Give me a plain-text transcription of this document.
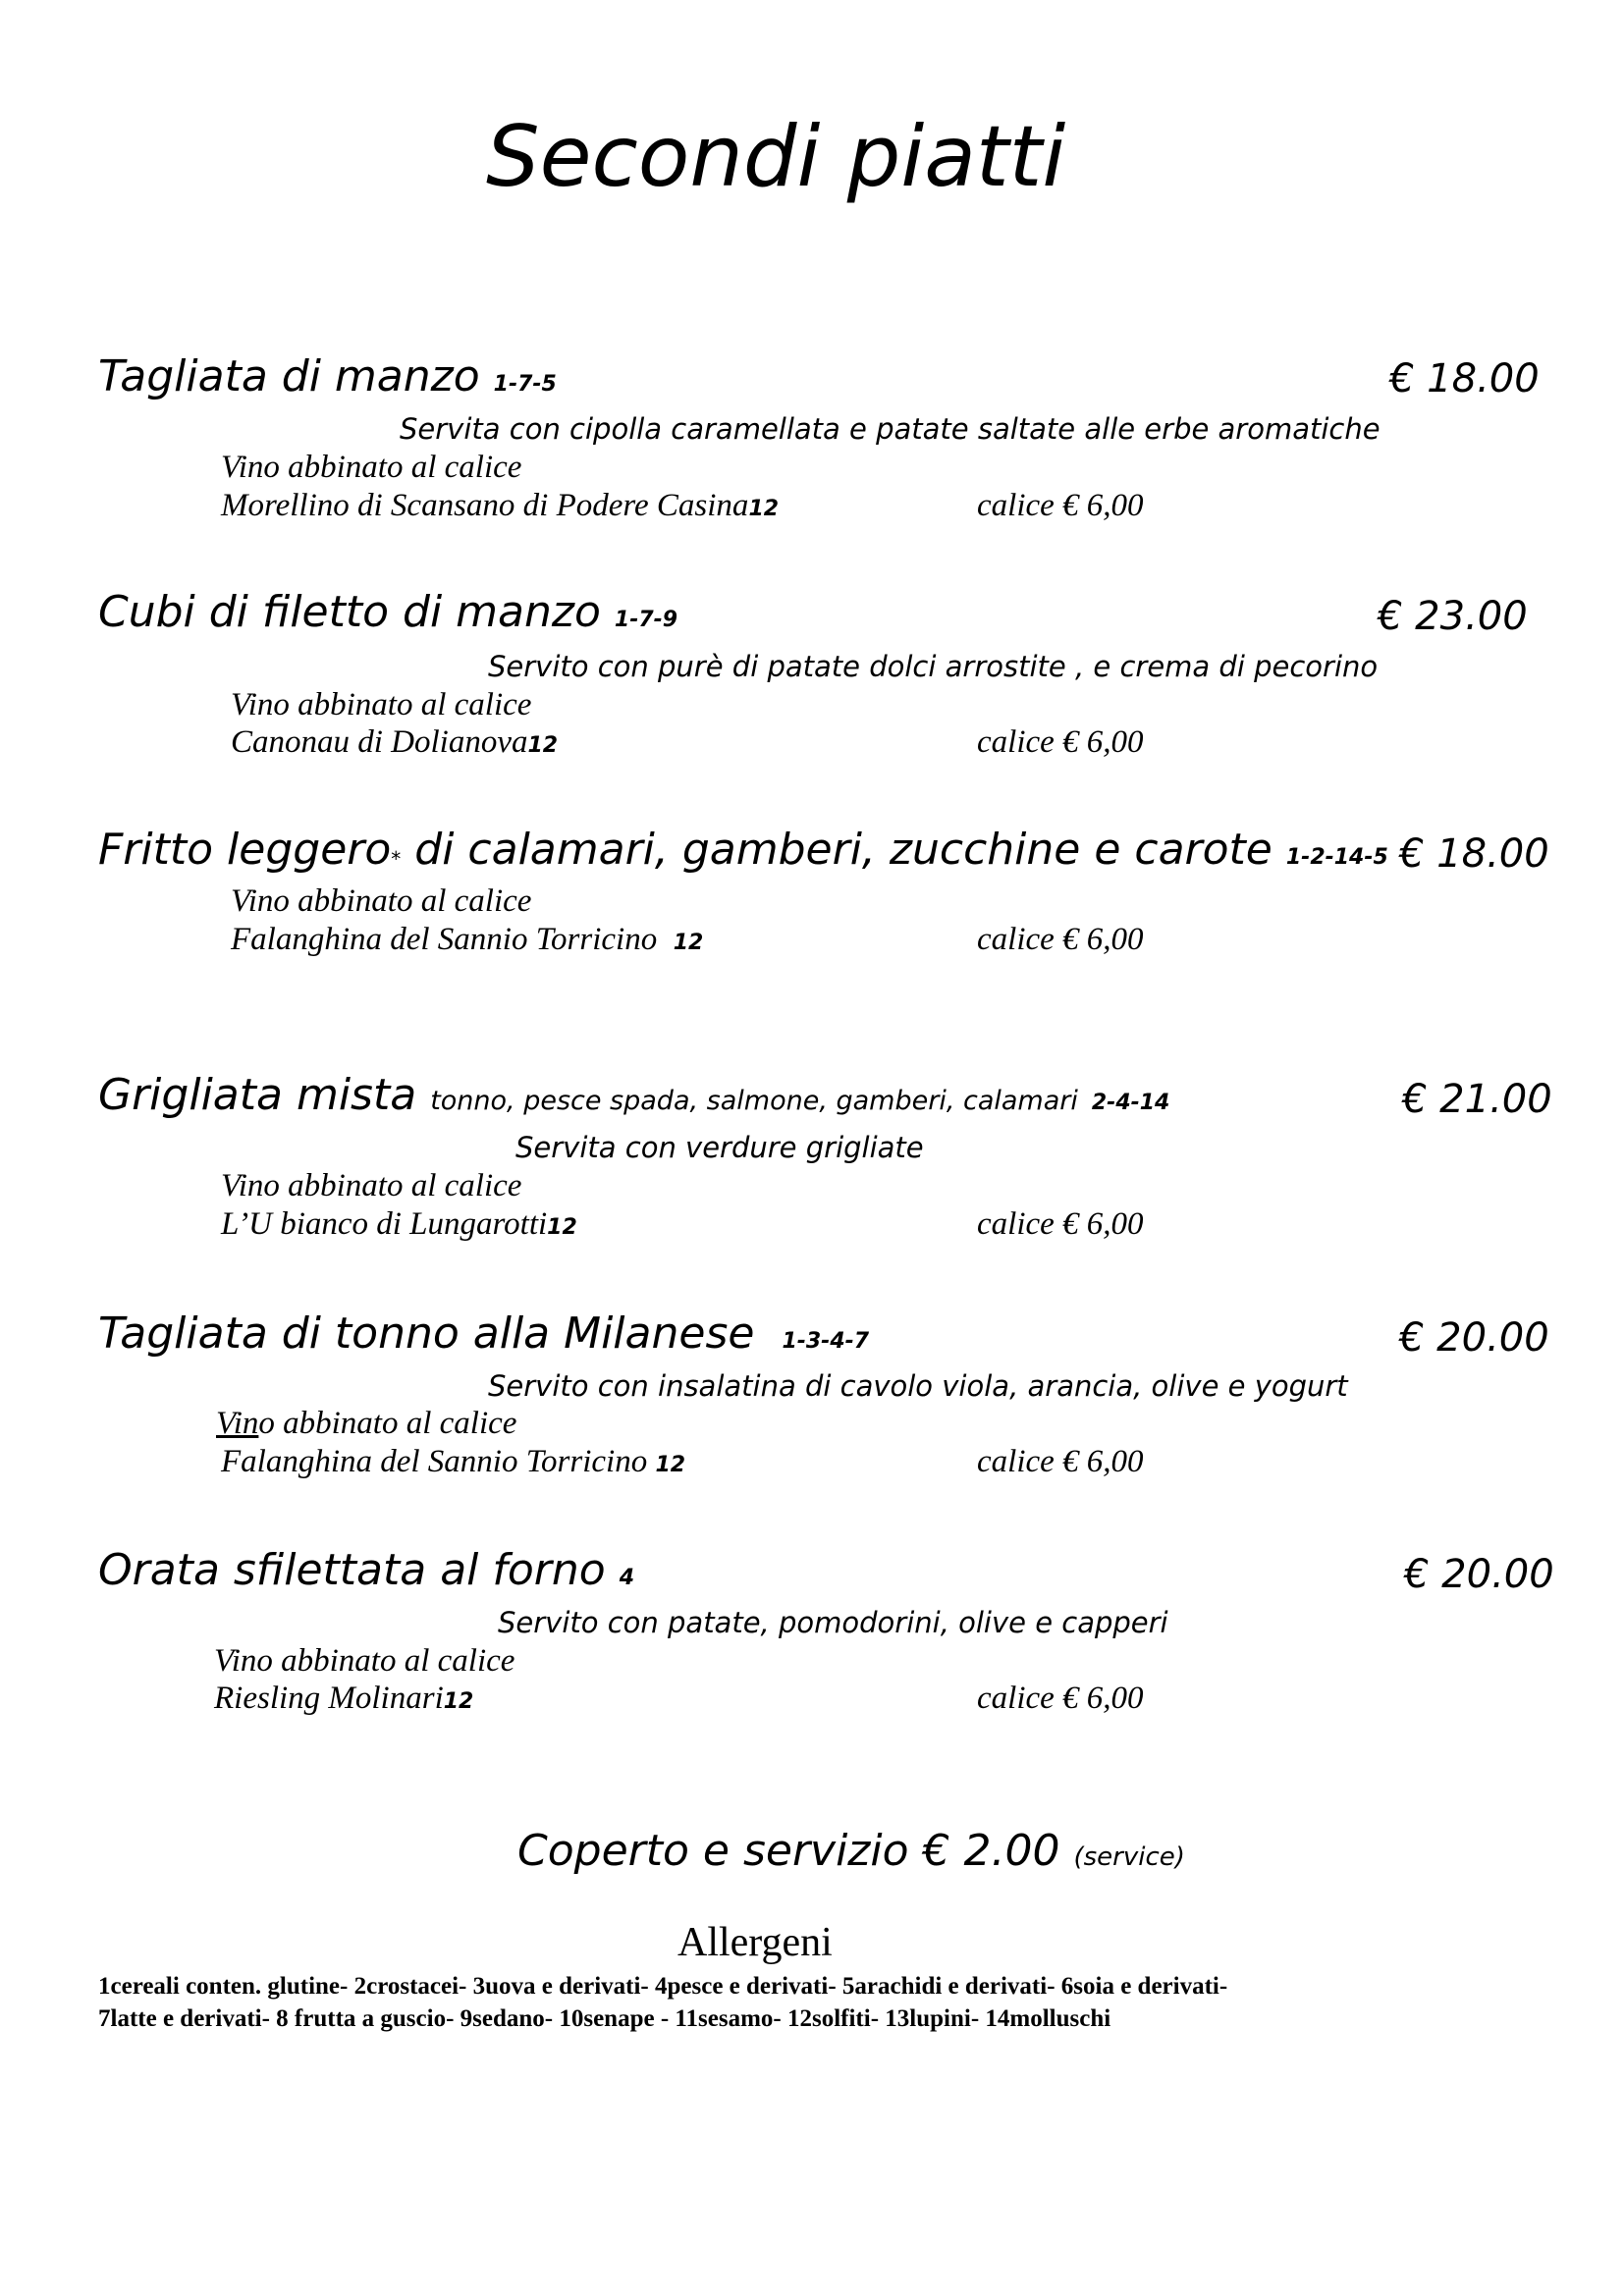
Secondi piatti
Tagliata di manzo 1-7-5	€ 18.00
Servita con cipolla caramellata e patate saltate alle erbe aromatiche
Vino abbinato al calice
Morellino di Scansano di Podere Casina12	calice € 6,00
Cubi di filetto di manzo 1-7-9	€ 23.00
Servito con purè di patate dolci arrostite , e crema di pecorino
Vino abbinato al calice
Canonau di Dolianova12	calice € 6,00
Fritto leggero* di calamari, gamberi, zucchine e carote 1-2-14-5 € 18.00
Vino abbinato al calice
Falanghina del Sannio Torricino 12	calice € 6,00
Grigliata mista tonno, pesce spada, salmone, gamberi, calamari 2-4-14	€ 21.00
Servita con verdure grigliate
Vino abbinato al calice
L’U bianco di Lungarotti12	calice € 6,00
Tagliata di tonno alla Milanese 1-3-4-7	€ 20.00
Servito con insalatina di cavolo viola, arancia, olive e yogurt
Vino abbinato al calice
Falanghina del Sannio Torricino 12	calice € 6,00
Orata sfilettata al forno 4	€ 20.00
Servito con patate, pomodorini, olive e capperi
Vino abbinato al calice
Riesling Molinari12	calice € 6,00
Coperto e servizio € 2.00 (service)
Allergeni
1cereali conten. glutine- 2crostacei- 3uova e derivati- 4pesce e derivati- 5arachidi e derivati- 6soia e derivati-
7latte e derivati- 8 frutta a guscio- 9sedano- 10senape - 11sesamo- 12solfiti- 13lupini- 14molluschi
